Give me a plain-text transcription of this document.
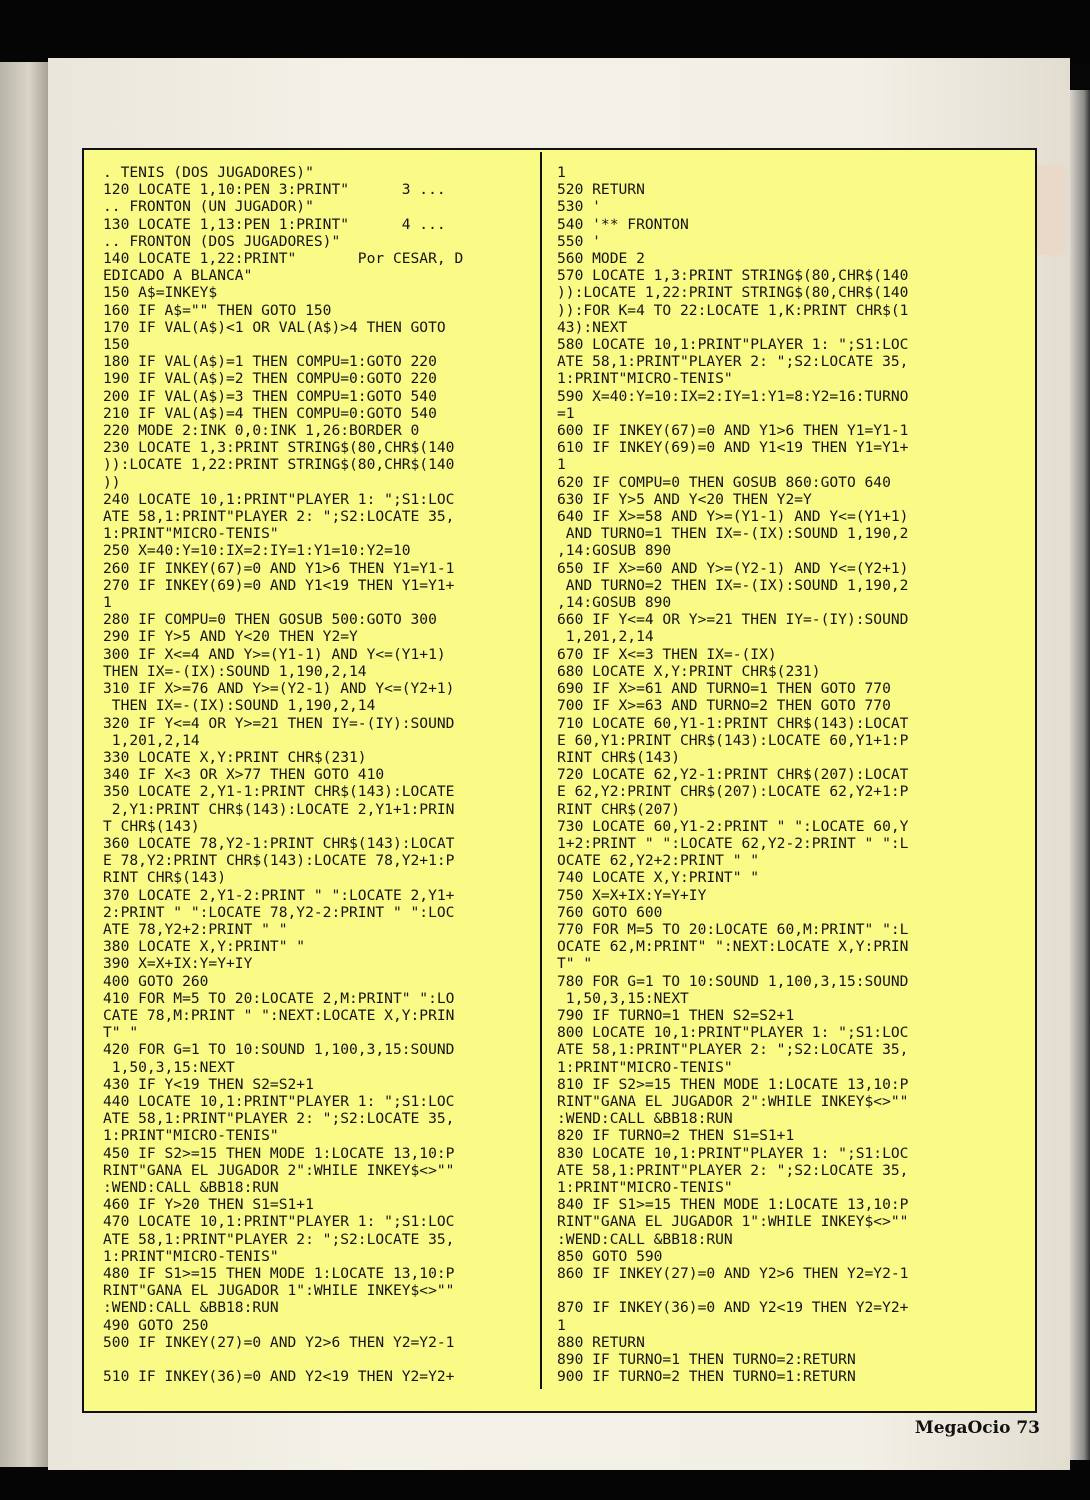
. TENIS (DOS JUGADORES)"
120 LOCATE 1,10:PEN 3:PRINT"      3 ...
.. FRONTON (UN JUGADOR)"
130 LOCATE 1,13:PEN 1:PRINT"      4 ...
.. FRONTON (DOS JUGADORES)"
140 LOCATE 1,22:PRINT"       Por CESAR, D
EDICADO A BLANCA"
150 A$=INKEY$
160 IF A$="" THEN GOTO 150
170 IF VAL(A$)<1 OR VAL(A$)>4 THEN GOTO
150
180 IF VAL(A$)=1 THEN COMPU=1:GOTO 220
190 IF VAL(A$)=2 THEN COMPU=0:GOTO 220
200 IF VAL(A$)=3 THEN COMPU=1:GOTO 540
210 IF VAL(A$)=4 THEN COMPU=0:GOTO 540
220 MODE 2:INK 0,0:INK 1,26:BORDER 0
230 LOCATE 1,3:PRINT STRING$(80,CHR$(140
)):LOCATE 1,22:PRINT STRING$(80,CHR$(140
))
240 LOCATE 10,1:PRINT"PLAYER 1: ";S1:LOC
ATE 58,1:PRINT"PLAYER 2: ";S2:LOCATE 35,
1:PRINT"MICRO-TENIS"
250 X=40:Y=10:IX=2:IY=1:Y1=10:Y2=10
260 IF INKEY(67)=0 AND Y1>6 THEN Y1=Y1-1
270 IF INKEY(69)=0 AND Y1<19 THEN Y1=Y1+
1
280 IF COMPU=0 THEN GOSUB 500:GOTO 300
290 IF Y>5 AND Y<20 THEN Y2=Y
300 IF X<=4 AND Y>=(Y1-1) AND Y<=(Y1+1)
THEN IX=-(IX):SOUND 1,190,2,14
310 IF X>=76 AND Y>=(Y2-1) AND Y<=(Y2+1)
THEN IX=-(IX):SOUND 1,190,2,14
320 IF Y<=4 OR Y>=21 THEN IY=-(IY):SOUND
1,201,2,14
330 LOCATE X,Y:PRINT CHR$(231)
340 IF X<3 OR X>77 THEN GOTO 410
350 LOCATE 2,Y1-1:PRINT CHR$(143):LOCATE
2,Y1:PRINT CHR$(143):LOCATE 2,Y1+1:PRIN
T CHR$(143)
360 LOCATE 78,Y2-1:PRINT CHR$(143):LOCAT
E 78,Y2:PRINT CHR$(143):LOCATE 78,Y2+1:P
RINT CHR$(143)
370 LOCATE 2,Y1-2:PRINT " ":LOCATE 2,Y1+
2:PRINT " ":LOCATE 78,Y2-2:PRINT " ":LOC
ATE 78,Y2+2:PRINT " "
380 LOCATE X,Y:PRINT" "
390 X=X+IX:Y=Y+IY
400 GOTO 260
410 FOR M=5 TO 20:LOCATE 2,M:PRINT" ":LO
CATE 78,M:PRINT " ":NEXT:LOCATE X,Y:PRIN
T" "
420 FOR G=1 TO 10:SOUND 1,100,3,15:SOUND
1,50,3,15:NEXT
430 IF Y<19 THEN S2=S2+1
440 LOCATE 10,1:PRINT"PLAYER 1: ";S1:LOC
ATE 58,1:PRINT"PLAYER 2: ";S2:LOCATE 35,
1:PRINT"MICRO-TENIS"
450 IF S2>=15 THEN MODE 1:LOCATE 13,10:P
RINT"GANA EL JUGADOR 2":WHILE INKEY$<>""
:WEND:CALL &BB18:RUN
460 IF Y>20 THEN S1=S1+1
470 LOCATE 10,1:PRINT"PLAYER 1: ";S1:LOC
ATE 58,1:PRINT"PLAYER 2: ";S2:LOCATE 35,
1:PRINT"MICRO-TENIS"
480 IF S1>=15 THEN MODE 1:LOCATE 13,10:P
RINT"GANA EL JUGADOR 1":WHILE INKEY$<>""
:WEND:CALL &BB18:RUN
490 GOTO 250
500 IF INKEY(27)=0 AND Y2>6 THEN Y2=Y2-1

510 IF INKEY(36)=0 AND Y2<19 THEN Y2=Y2+
1
520 RETURN
530 '
540 '** FRONTON
550 '
560 MODE 2
570 LOCATE 1,3:PRINT STRING$(80,CHR$(140
)):LOCATE 1,22:PRINT STRING$(80,CHR$(140
)):FOR K=4 TO 22:LOCATE 1,K:PRINT CHR$(1
43):NEXT
580 LOCATE 10,1:PRINT"PLAYER 1: ";S1:LOC
ATE 58,1:PRINT"PLAYER 2: ";S2:LOCATE 35,
1:PRINT"MICRO-TENIS"
590 X=40:Y=10:IX=2:IY=1:Y1=8:Y2=16:TURNO
=1
600 IF INKEY(67)=0 AND Y1>6 THEN Y1=Y1-1
610 IF INKEY(69)=0 AND Y1<19 THEN Y1=Y1+
1
620 IF COMPU=0 THEN GOSUB 860:GOTO 640
630 IF Y>5 AND Y<20 THEN Y2=Y
640 IF X>=58 AND Y>=(Y1-1) AND Y<=(Y1+1)
AND TURNO=1 THEN IX=-(IX):SOUND 1,190,2
,14:GOSUB 890
650 IF X>=60 AND Y>=(Y2-1) AND Y<=(Y2+1)
AND TURNO=2 THEN IX=-(IX):SOUND 1,190,2
,14:GOSUB 890
660 IF Y<=4 OR Y>=21 THEN IY=-(IY):SOUND
1,201,2,14
670 IF X<=3 THEN IX=-(IX)
680 LOCATE X,Y:PRINT CHR$(231)
690 IF X>=61 AND TURNO=1 THEN GOTO 770
700 IF X>=63 AND TURNO=2 THEN GOTO 770
710 LOCATE 60,Y1-1:PRINT CHR$(143):LOCAT
E 60,Y1:PRINT CHR$(143):LOCATE 60,Y1+1:P
RINT CHR$(143)
720 LOCATE 62,Y2-1:PRINT CHR$(207):LOCAT
E 62,Y2:PRINT CHR$(207):LOCATE 62,Y2+1:P
RINT CHR$(207)
730 LOCATE 60,Y1-2:PRINT " ":LOCATE 60,Y
1+2:PRINT " ":LOCATE 62,Y2-2:PRINT " ":L
OCATE 62,Y2+2:PRINT " "
740 LOCATE X,Y:PRINT" "
750 X=X+IX:Y=Y+IY
760 GOTO 600
770 FOR M=5 TO 20:LOCATE 60,M:PRINT" ":L
OCATE 62,M:PRINT" ":NEXT:LOCATE X,Y:PRIN
T" "
780 FOR G=1 TO 10:SOUND 1,100,3,15:SOUND
1,50,3,15:NEXT
790 IF TURNO=1 THEN S2=S2+1
800 LOCATE 10,1:PRINT"PLAYER 1: ";S1:LOC
ATE 58,1:PRINT"PLAYER 2: ";S2:LOCATE 35,
1:PRINT"MICRO-TENIS"
810 IF S2>=15 THEN MODE 1:LOCATE 13,10:P
RINT"GANA EL JUGADOR 2":WHILE INKEY$<>""
:WEND:CALL &BB18:RUN
820 IF TURNO=2 THEN S1=S1+1
830 LOCATE 10,1:PRINT"PLAYER 1: ";S1:LOC
ATE 58,1:PRINT"PLAYER 2: ";S2:LOCATE 35,
1:PRINT"MICRO-TENIS"
840 IF S1>=15 THEN MODE 1:LOCATE 13,10:P
RINT"GANA EL JUGADOR 1":WHILE INKEY$<>""
:WEND:CALL &BB18:RUN
850 GOTO 590
860 IF INKEY(27)=0 AND Y2>6 THEN Y2=Y2-1

870 IF INKEY(36)=0 AND Y2<19 THEN Y2=Y2+
1
880 RETURN
890 IF TURNO=1 THEN TURNO=2:RETURN
900 IF TURNO=2 THEN TURNO=1:RETURN
MegaOcio 73
